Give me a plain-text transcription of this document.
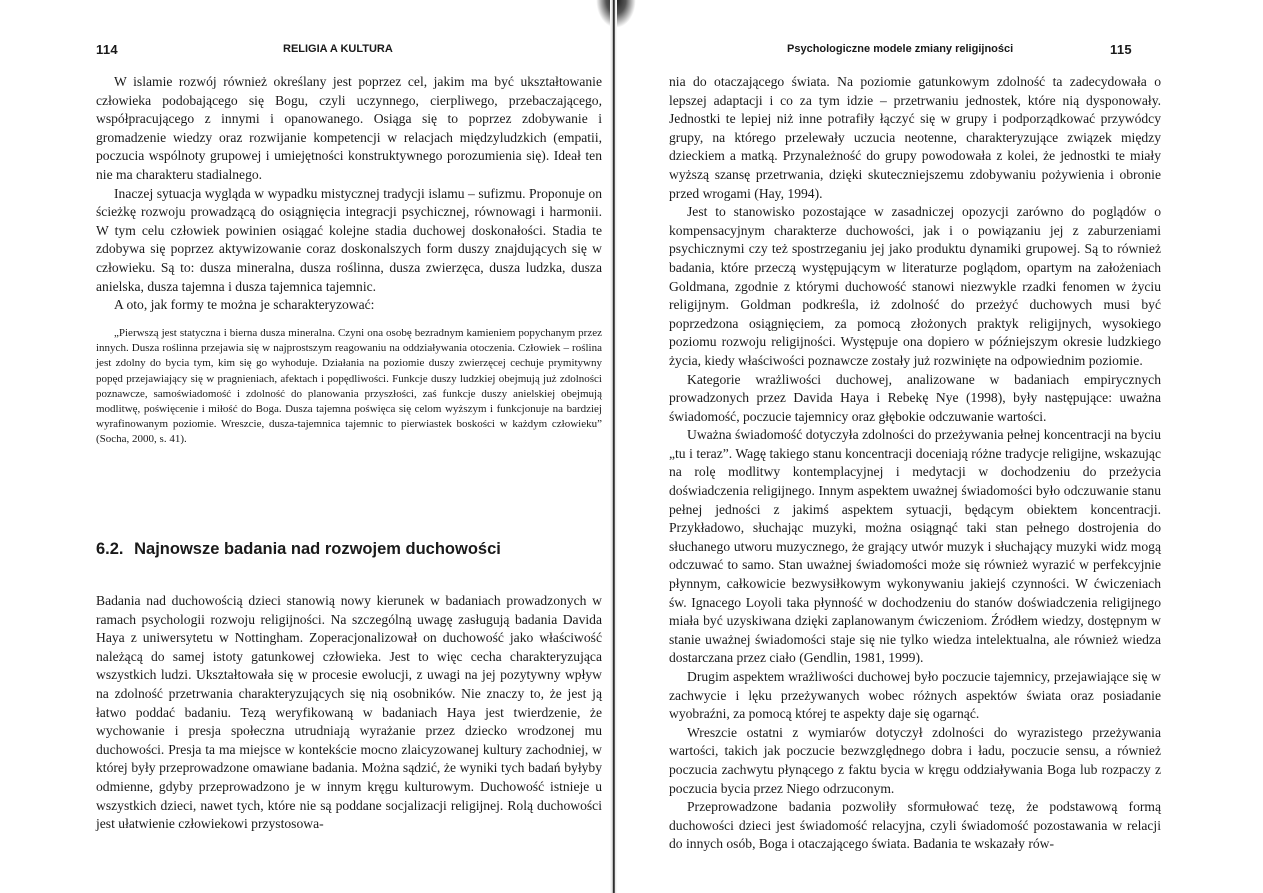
114	RELIGIA A KULTURA

W islamie rozwój również określany jest poprzez cel, jakim ma być ukształtowanie człowieka podobającego się Bogu, czyli uczynnego, cierpliwego, przebaczającego, współpracującego z innymi i opanowanego. Osiąga się to poprzez zdobywanie i gromadzenie wiedzy oraz rozwijanie kompetencji w relacjach międzyludzkich (empatii, poczucia wspólnoty grupowej i umiejętności konstruktywnego porozumienia się). Ideał ten nie ma charakteru stadialnego.

Inaczej sytuacja wygląda w wypadku mistycznej tradycji islamu – sufizmu. Proponuje on ścieżkę rozwoju prowadzącą do osiągnięcia integracji psychicznej, równowagi i harmonii. W tym celu człowiek powinien osiągać kolejne stadia duchowej doskonałości. Stadia te zdobywa się poprzez aktywizowanie coraz doskonalszych form duszy znajdujących się w człowieku. Są to: dusza mineralna, dusza roślinna, dusza zwierzęca, dusza ludzka, dusza anielska, dusza tajemna i dusza tajemnica tajemnic.

A oto, jak formy te można je scharakteryzować:

„Pierwszą jest statyczna i bierna dusza mineralna. Czyni ona osobę bezradnym kamieniem popychanym przez innych. Dusza roślinna przejawia się w najprostszym reagowaniu na oddziaływania otoczenia. Człowiek – roślina jest zdolny do bycia tym, kim się go wyhoduje. Działania na poziomie duszy zwierzęcej cechuje prymitywny popęd przejawiający się w pragnieniach, afektach i popędliwości. Funkcje duszy ludzkiej obejmują już zdolności poznawcze, samoświadomość i zdolność do planowania przyszłości, zaś funkcje duszy anielskiej obejmują modlitwę, poświęcenie i miłość do Boga. Dusza tajemna poświęca się celom wyższym i funkcjonuje na bardziej wyrafinowanym poziomie. Wreszcie, dusza-tajemnica tajemnic to pierwiastek boskości w każdym człowieku” (Socha, 2000, s. 41).

6.2. Najnowsze badania nad rozwojem duchowości

Badania nad duchowością dzieci stanowią nowy kierunek w badaniach prowadzonych w ramach psychologii rozwoju religijności. Na szczególną uwagę zasługują badania Davida Haya z uniwersytetu w Nottingham. Zoperacjonalizował on duchowość jako właściwość należącą do samej istoty gatunkowej człowieka. Jest to więc cecha charakteryzująca wszystkich ludzi. Ukształtowała się w procesie ewolucji, z uwagi na jej pozytywny wpływ na zdolność przetrwania charakteryzujących się nią osobników. Nie znaczy to, że jest ją łatwo poddać badaniu. Tezą weryfikowaną w badaniach Haya jest twierdzenie, że wychowanie i presja społeczna utrudniają wyrażanie przez dziecko wrodzonej mu duchowości. Presja ta ma miejsce w kontekście mocno zlaicyzowanej kultury zachodniej, w której były przeprowadzone omawiane badania. Można sądzić, że wyniki tych badań byłyby odmienne, gdyby przeprowadzono je w innym kręgu kulturowym. Duchowość istnieje u wszystkich dzieci, nawet tych, które nie są poddane socjalizacji religijnej. Rolą duchowości jest ułatwienie człowiekowi przystosowa-

Psychologiczne modele zmiany religijności	115

nia do otaczającego świata. Na poziomie gatunkowym zdolność ta zadecydowała o lepszej adaptacji i co za tym idzie – przetrwaniu jednostek, które nią dysponowały. Jednostki te lepiej niż inne potrafiły łączyć się w grupy i podporządkować przywódcy grupy, na którego przelewały uczucia neotenne, charakteryzujące związek między dzieckiem a matką. Przynależność do grupy powodowała z kolei, że jednostki te miały wyższą szansę przetrwania, dzięki skuteczniejszemu zdobywaniu pożywienia i obronie przed wrogami (Hay, 1994).

Jest to stanowisko pozostające w zasadniczej opozycji zarówno do poglądów o kompensacyjnym charakterze duchowości, jak i o powiązaniu jej z zaburzeniami psychicznymi czy też spostrzeganiu jej jako produktu dynamiki grupowej. Są to również badania, które przeczą występującym w literaturze poglądom, opartym na założeniach Goldmana, zgodnie z którymi duchowość stanowi niezwykle rzadki fenomen w życiu religijnym. Goldman podkreśla, iż zdolność do przeżyć duchowych musi być poprzedzona osiągnięciem, za pomocą złożonych praktyk religijnych, wysokiego poziomu rozwoju religijności. Występuje ona dopiero w późniejszym okresie ludzkiego życia, kiedy właściwości poznawcze zostały już rozwinięte na odpowiednim poziomie.

Kategorie wrażliwości duchowej, analizowane w badaniach empirycznych prowadzonych przez Davida Haya i Rebekę Nye (1998), były następujące: uważna świadomość, poczucie tajemnicy oraz głębokie odczuwanie wartości.

Uważna świadomość dotyczyła zdolności do przeżywania pełnej koncentracji na byciu „tu i teraz”. Wagę takiego stanu koncentracji doceniają różne tradycje religijne, wskazując na rolę modlitwy kontemplacyjnej i medytacji w dochodzeniu do przeżycia doświadczenia religijnego. Innym aspektem uważnej świadomości było odczuwanie stanu pełnej jedności z jakimś aspektem sytuacji, będącym obiektem koncentracji. Przykładowo, słuchając muzyki, można osiągnąć taki stan pełnego dostrojenia do słuchanego utworu muzycznego, że grający utwór muzyk i słuchający muzyki widz mogą odczuwać to samo. Stan uważnej świadomości może się również wyrazić w perfekcyjnie płynnym, całkowicie bezwysiłkowym wykonywaniu jakiejś czynności. W ćwiczeniach św. Ignacego Loyoli taka płynność w dochodzeniu do stanów doświadczenia religijnego miała być uzyskiwana dzięki zaplanowanym ćwiczeniom. Źródłem wiedzy, dostępnym w stanie uważnej świadomości staje się nie tylko wiedza intelektualna, ale również wiedza dostarczana przez ciało (Gendlin, 1981, 1999).

Drugim aspektem wrażliwości duchowej było poczucie tajemnicy, przejawiające się w zachwycie i lęku przeżywanych wobec różnych aspektów świata oraz posiadanie wyobraźni, za pomocą której te aspekty daje się ogarnąć.

Wreszcie ostatni z wymiarów dotyczył zdolności do wyrazistego przeżywania wartości, takich jak poczucie bezwzględnego dobra i ładu, poczucie sensu, a również poczucia zachwytu płynącego z faktu bycia w kręgu oddziaływania Boga lub rozpaczy z poczucia bycia przez Niego odrzuconym.

Przeprowadzone badania pozwoliły sformułować tezę, że podstawową formą duchowości dzieci jest świadomość relacyjna, czyli świadomość pozostawania w relacji do innych osób, Boga i otaczającego świata. Badania te wskazały rów-
